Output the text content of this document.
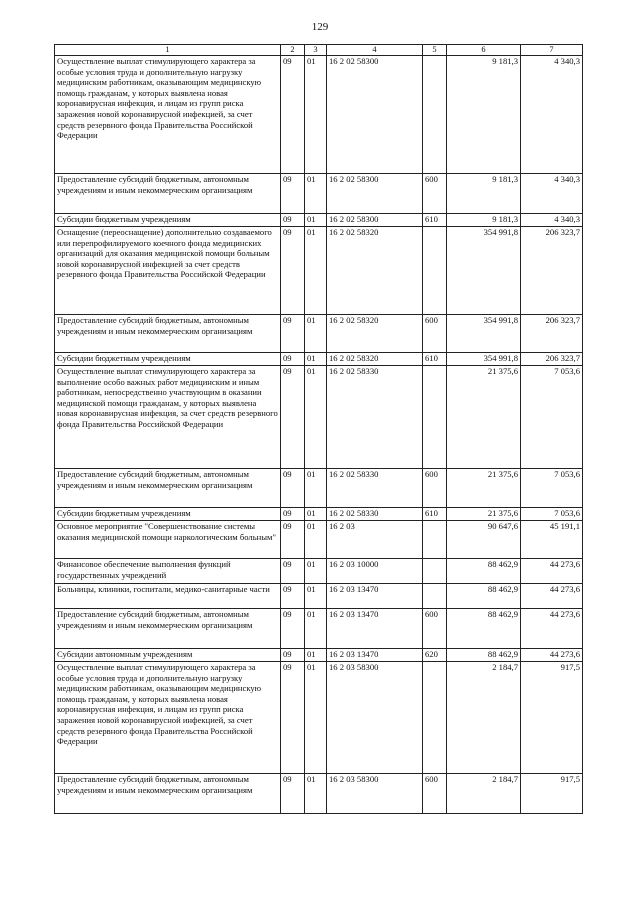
129
1	2	3	4	5	6	7
Осуществление выплат стимулирующего характера за особые условия труда и дополнительную нагрузку медицинским работникам, оказывающим медицинскую помощь гражданам, у которых выявлена новая коронавирусная инфекция, и лицам из групп риска заражения новой коронавирусной инфекцией, за счет средств резервного фонда Правительства Российской Федерации	09	01	16 2 02 58300		9 181,3	4 340,3
Предоставление субсидий бюджетным, автономным учреждениям и иным некоммерческим организациям	09	01	16 2 02 58300	600	9 181,3	4 340,3
Субсидии бюджетным учреждениям	09	01	16 2 02 58300	610	9 181,3	4 340,3
Оснащение (переоснащение) дополнительно создаваемого или перепрофилируемого коечного фонда медицинских организаций для оказания медицинской помощи больным новой коронавирусной инфекцией за счет средств резервного фонда Правительства Российской Федерации	09	01	16 2 02 58320		354 991,8	206 323,7
Предоставление субсидий бюджетным, автономным учреждениям и иным некоммерческим организациям	09	01	16 2 02 58320	600	354 991,8	206 323,7
Субсидии бюджетным учреждениям	09	01	16 2 02 58320	610	354 991,8	206 323,7
Осуществление выплат стимулирующего характера за выполнение особо важных работ медицинским и иным работникам, непосредственно участвующим в оказании медицинской помощи гражданам, у которых выявлена новая коронавирусная инфекция, за счет средств резервного фонда Правительства Российской Федерации	09	01	16 2 02 58330		21 375,6	7 053,6
Предоставление субсидий бюджетным, автономным учреждениям и иным некоммерческим организациям	09	01	16 2 02 58330	600	21 375,6	7 053,6
Субсидии бюджетным учреждениям	09	01	16 2 02 58330	610	21 375,6	7 053,6
Основное мероприятие "Совершенствование системы оказания медицинской помощи наркологическим больным"	09	01	16 2 03		90 647,6	45 191,1
Финансовое обеспечение выполнения функций государственных учреждений	09	01	16 2 03 10000		88 462,9	44 273,6
Больницы, клиники, госпитали, медико-санитарные части	09	01	16 2 03 13470		88 462,9	44 273,6
Предоставление субсидий бюджетным, автономным учреждениям и иным некоммерческим организациям	09	01	16 2 03 13470	600	88 462,9	44 273,6
Субсидии автономным учреждениям	09	01	16 2 03 13470	620	88 462,9	44 273,6
Осуществление выплат стимулирующего характера за особые условия труда и дополнительную нагрузку медицинским работникам, оказывающим медицинскую помощь гражданам, у которых выявлена новая коронавирусная инфекция, и лицам из групп риска заражения новой коронавирусной инфекцией, за счет средств резервного фонда Правительства Российской Федерации	09	01	16 2 03 58300		2 184,7	917,5
Предоставление субсидий бюджетным, автономным учреждениям и иным некоммерческим организациям	09	01	16 2 03 58300	600	2 184,7	917,5
